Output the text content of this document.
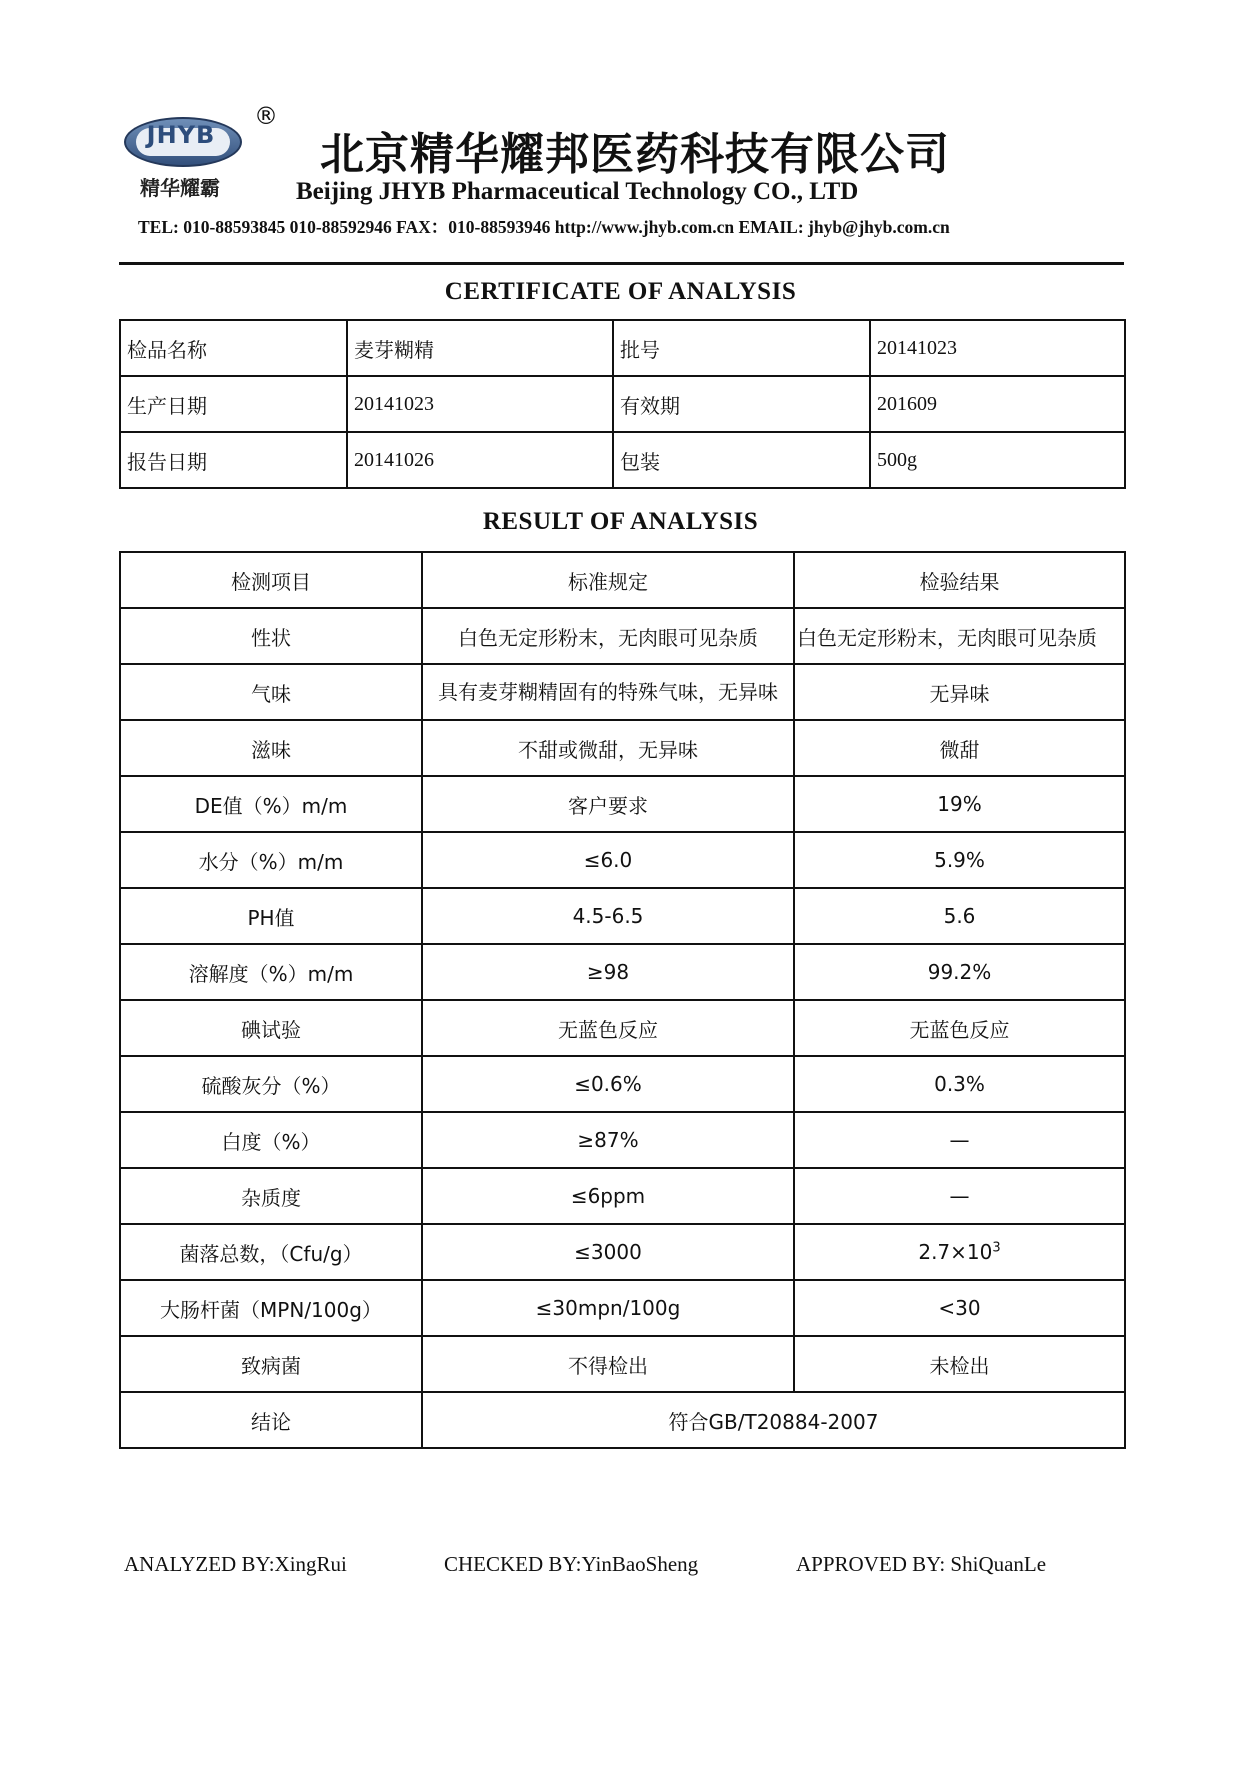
JHYB
®
精华耀霸
北京精华耀邦医药科技有限公司
Beijing JHYB Pharmaceutical Technology CO., LTD
TEL: 010-88593845 010-88592946 FAX：010-88593946 http://www.jhyb.com.cn EMAIL: jhyb@jhyb.com.cn
CERTIFICATE OF ANALYSIS
检品名称	麦芽糊精	批号	20141023
生产日期	20141023	有效期	201609
报告日期	20141026	包装	500g
RESULT OF ANALYSIS
检测项目	标准规定	检验结果
性状	白色无定形粉末，无肉眼可见杂质	白色无定形粉末，无肉眼可见杂质
气味	具有麦芽糊精固有的特殊气味，无异味	无异味
滋味	不甜或微甜，无异味	微甜
DE值（%）m/m	客户要求	19%
水分（%）m/m	≤6.0	5.9%
PH值	4.5-6.5	5.6
溶解度（%）m/m	≥98	99.2%
碘试验	无蓝色反应	无蓝色反应
硫酸灰分（%）	≤0.6%	0.3%
白度（%）	≥87%	—
杂质度	≤6ppm	—
菌落总数，（Cfu/g）	≤3000	$2.7\times 10^3$
大肠杆菌（MPN/100g）	≤30mpn/100g	<30
致病菌	不得检出	未检出
结论	符合GB/T20884-2007	
ANALYZED BY:XingRui	CHECKED BY:YinBaoSheng	APPROVED BY: ShiQuanLe
